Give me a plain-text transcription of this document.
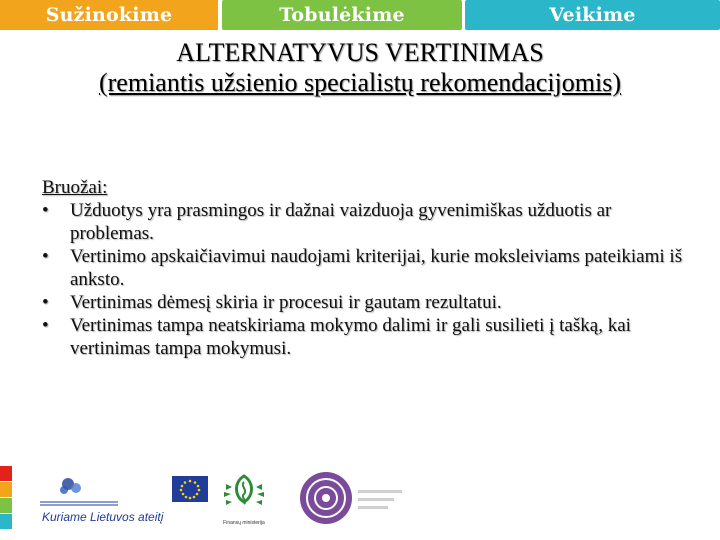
Sužinokime	Tobulėkime	Veikime
ALTERNATYVUS VERTINIMAS
(remiantis užsienio specialistų rekomendacijomis)
Bruožai:
• Užduotys yra prasmingos ir dažnai vaizduoja gyvenimiškas užduotis ar problemas.
• Vertinimo apskaičiavimui naudojami kriterijai, kurie moksleiviams pateikiami iš anksto.
• Vertinimas dėmesį skiria ir procesui ir gautam rezultatui.
• Vertinimas tampa neatskiriama mokymo dalimi ir gali susilieti į tašką, kai vertinimas tampa mokymusi.
Kuriame Lietuvos ateitį	Finansų ministerija
